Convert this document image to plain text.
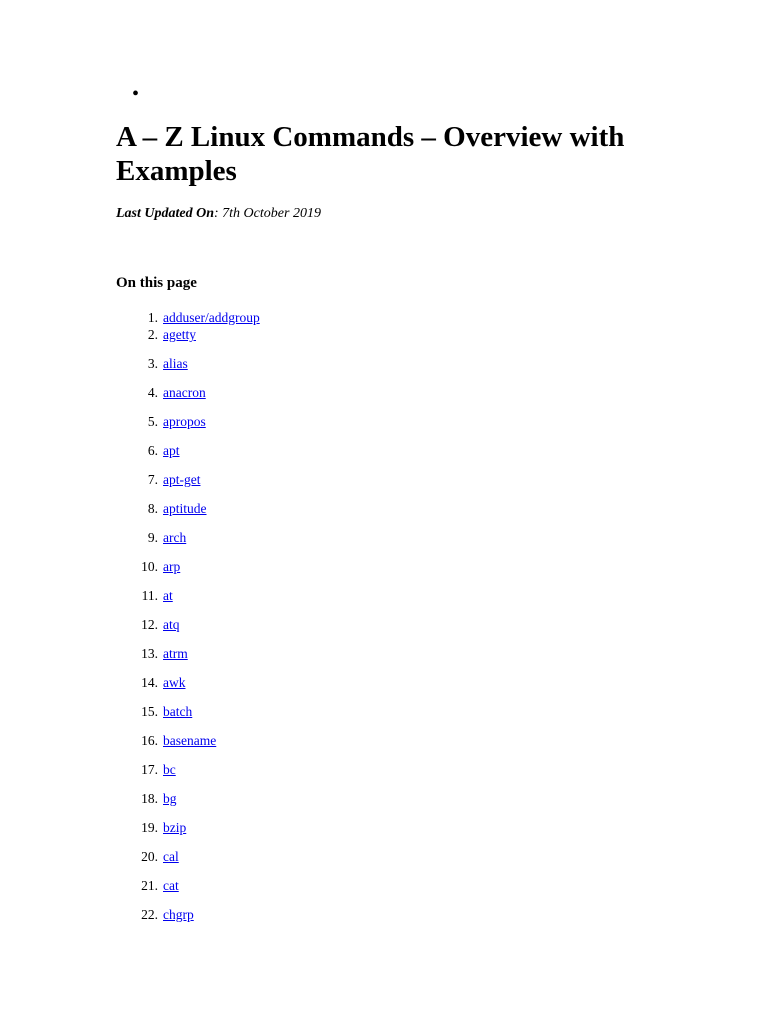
•
A – Z Linux Commands – Overview with Examples
Last Updated On: 7th October 2019
On this page
1. adduser/addgroup
2. agetty
3. alias
4. anacron
5. apropos
6. apt
7. apt-get
8. aptitude
9. arch
10. arp
11. at
12. atq
13. atrm
14. awk
15. batch
16. basename
17. bc
18. bg
19. bzip
20. cal
21. cat
22. chgrp
